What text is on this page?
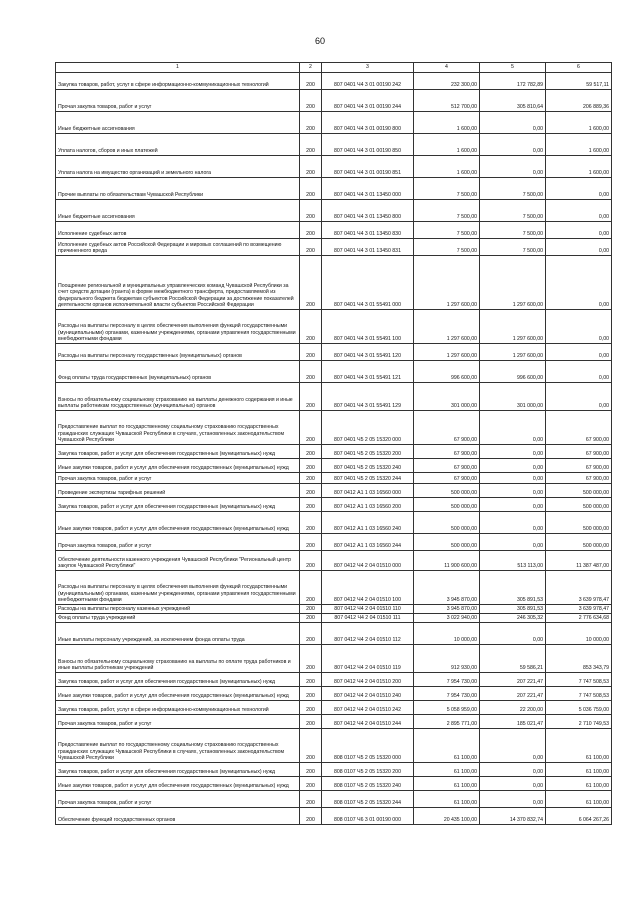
60
1	2	3	4	5	6
Закупка товаров, работ, услуг в сфере информационно-коммуникационных технологий	200	807 0401 Ч4 3 01 00190 242	232 300,00	172 782,89	59 517,11
Прочая закупка товаров, работ и услуг	200	807 0401 Ч4 3 01 00190 244	512 700,00	305 810,64	206 889,36
Иные бюджетные ассигнования	200	807 0401 Ч4 3 01 00190 800	1 600,00	0,00	1 600,00
Уплата налогов, сборов и иных платежей	200	807 0401 Ч4 3 01 00190 850	1 600,00	0,00	1 600,00
Уплата налога на имущество организаций и земельного налога	200	807 0401 Ч4 3 01 00190 851	1 600,00	0,00	1 600,00
Прочие выплаты по обязательствам Чувашской Республики	200	807 0401 Ч4 3 01 13450 000	7 500,00	7 500,00	0,00
Иные бюджетные ассигнования	200	807 0401 Ч4 3 01 13450 800	7 500,00	7 500,00	0,00
Исполнение судебных актов	200	807 0401 Ч4 3 01 13450 830	7 500,00	7 500,00	0,00
Исполнение судебных актов Российской Федерации и мировых соглашений по возмещению причиненного вреда	200	807 0401 Ч4 3 01 13450 831	7 500,00	7 500,00	0,00
Поощрение региональной и муниципальных управленческих команд Чувашской Республики за счет средств дотации (гранта) в форме межбюджетного трансферта, предоставляемой из федерального бюджета бюджетам субъектов Российской Федерации за достижение показателей деятельности органов исполнительной власти субъектов Российской Федерации	200	807 0401 Ч4 3 01 55491 000	1 297 600,00	1 297 600,00	0,00
Расходы на выплаты персоналу в целях обеспечения выполнения функций государственными (муниципальными) органами, казенными учреждениями, органами управления государственными внебюджетными фондами	200	807 0401 Ч4 3 01 55491 100	1 297 600,00	1 297 600,00	0,00
Расходы на выплаты персоналу государственных (муниципальных) органов	200	807 0401 Ч4 3 01 55491 120	1 297 600,00	1 297 600,00	0,00
Фонд оплаты труда государственных (муниципальных) органов	200	807 0401 Ч4 3 01 55491 121	996 600,00	996 600,00	0,00
Взносы по обязательному социальному страхованию на выплаты денежного содержания и иные выплаты работникам государственных (муниципальных) органов	200	807 0401 Ч4 3 01 55491 129	301 000,00	301 000,00	0,00
Предоставление выплат по государственному социальному страхованию государственных гражданских служащих Чувашской Республики в случаях, установленных законодательством Чувашской Республики	200	807 0401 Ч5 2 05 15320 000	67 900,00	0,00	67 900,00
Закупка товаров, работ и услуг для обеспечения государственных (муниципальных) нужд	200	807 0401 Ч5 2 05 15320 200	67 900,00	0,00	67 900,00
Иные закупки товаров, работ и услуг для обеспечения государственных (муниципальных) нужд	200	807 0401 Ч5 2 05 15320 240	67 900,00	0,00	67 900,00
Прочая закупка товаров, работ и услуг	200	807 0401 Ч5 2 05 15320 244	67 900,00	0,00	67 900,00
Проведение экспертизы тарифных решений	200	807 0412 А1 1 03 16560 000	500 000,00	0,00	500 000,00
Закупка товаров, работ и услуг для обеспечения государственных (муниципальных) нужд	200	807 0412 А1 1 03 16560 200	500 000,00	0,00	500 000,00
Иные закупки товаров, работ и услуг для обеспечения государственных (муниципальных) нужд	200	807 0412 А1 1 03 16560 240	500 000,00	0,00	500 000,00
Прочая закупка товаров, работ и услуг	200	807 0412 А1 1 03 16560 244	500 000,00	0,00	500 000,00
Обеспечение деятельности казенного учреждения Чувашской Республики "Региональный центр закупок Чувашской Республики"	200	807 0412 Ч4 2 04 01510 000	11 900 600,00	513 113,00	11 387 487,00
Расходы на выплаты персоналу в целях обеспечения выполнения функций государственными (муниципальными) органами, казенными учреждениями, органами управления государственными внебюджетными фондами	200	807 0412 Ч4 2 04 01510 100	3 945 870,00	305 891,53	3 639 978,47
Расходы на выплаты персоналу казенных учреждений	200	807 0412 Ч4 2 04 01510 110	3 945 870,00	305 891,53	3 639 978,47
Фонд оплаты труда учреждений	200	807 0412 Ч4 2 04 01510 111	3 022 940,00	246 305,32	2 776 634,68
Иные выплаты персоналу учреждений, за исключением фонда оплаты труда	200	807 0412 Ч4 2 04 01510 112	10 000,00	0,00	10 000,00
Взносы по обязательному социальному страхованию на выплаты по оплате труда работников и иные выплаты работникам учреждений	200	807 0412 Ч4 2 04 01510 119	912 930,00	59 586,21	853 343,79
Закупка товаров, работ и услуг для обеспечения государственных (муниципальных) нужд	200	807 0412 Ч4 2 04 01510 200	7 954 730,00	207 221,47	7 747 508,53
Иные закупки товаров, работ и услуг для обеспечения государственных (муниципальных) нужд	200	807 0412 Ч4 2 04 01510 240	7 954 730,00	207 221,47	7 747 508,53
Закупка товаров, работ, услуг в сфере информационно-коммуникационных технологий	200	807 0412 Ч4 2 04 01510 242	5 058 959,00	22 200,00	5 036 759,00
Прочая закупка товаров, работ и услуг	200	807 0412 Ч4 2 04 01510 244	2 895 771,00	185 021,47	2 710 749,53
Предоставление выплат по государственному социальному страхованию государственных гражданских служащих Чувашской Республики в случаях, установленных законодательством Чувашской Республики	200	808 0107 Ч5 2 05 15320 000	61 100,00	0,00	61 100,00
Закупка товаров, работ и услуг для обеспечения государственных (муниципальных) нужд	200	808 0107 Ч5 2 05 15320 200	61 100,00	0,00	61 100,00
Иные закупки товаров, работ и услуг для обеспечения государственных (муниципальных) нужд	200	808 0107 Ч5 2 05 15320 240	61 100,00	0,00	61 100,00
Прочая закупка товаров, работ и услуг	200	808 0107 Ч5 2 05 15320 244	61 100,00	0,00	61 100,00
Обеспечение функций государственных органов	200	808 0107 Ч6 3 01 00190 000	20 435 100,00	14 370 832,74	6 064 267,26
